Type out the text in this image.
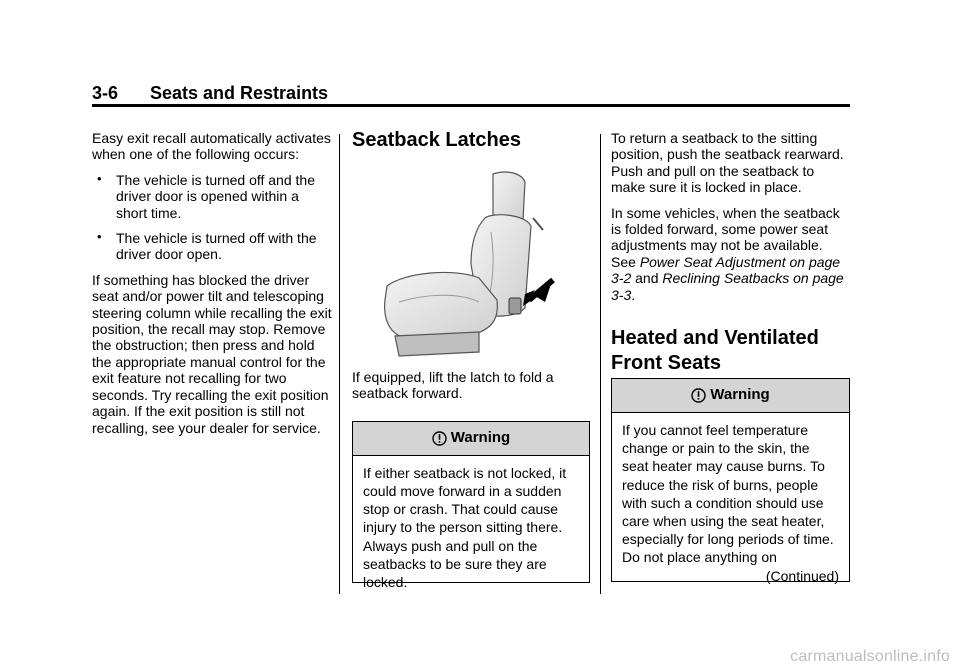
3-6 Seats and Restraints

Easy exit recall automatically activates when one of the following occurs:

• The vehicle is turned off and the driver door is opened within a short time.
• The vehicle is turned off with the driver door open.

If something has blocked the driver seat and/or power tilt and telescoping steering column while recalling the exit position, the recall may stop. Remove the obstruction; then press and hold the appropriate manual control for the exit feature not recalling for two seconds. Try recalling the exit position again. If the exit position is still not recalling, see your dealer for service.

Seatback Latches

If equipped, lift the latch to fold a seatback forward.

Warning
If either seatback is not locked, it could move forward in a sudden stop or crash. That could cause injury to the person sitting there. Always push and pull on the seatbacks to be sure they are locked.

To return a seatback to the sitting position, push the seatback rearward. Push and pull on the seatback to make sure it is locked in place.

In some vehicles, when the seatback is folded forward, some power seat adjustments may not be available. See Power Seat Adjustment on page 3-2 and Reclining Seatbacks on page 3-3.

Heated and Ventilated
Front Seats
Warning
If you cannot feel temperature change or pain to the skin, the seat heater may cause burns. To reduce the risk of burns, people with such a condition should use care when using the seat heater, especially for long periods of time. Do not place anything on
(Continued)
carmanualsonline.info
